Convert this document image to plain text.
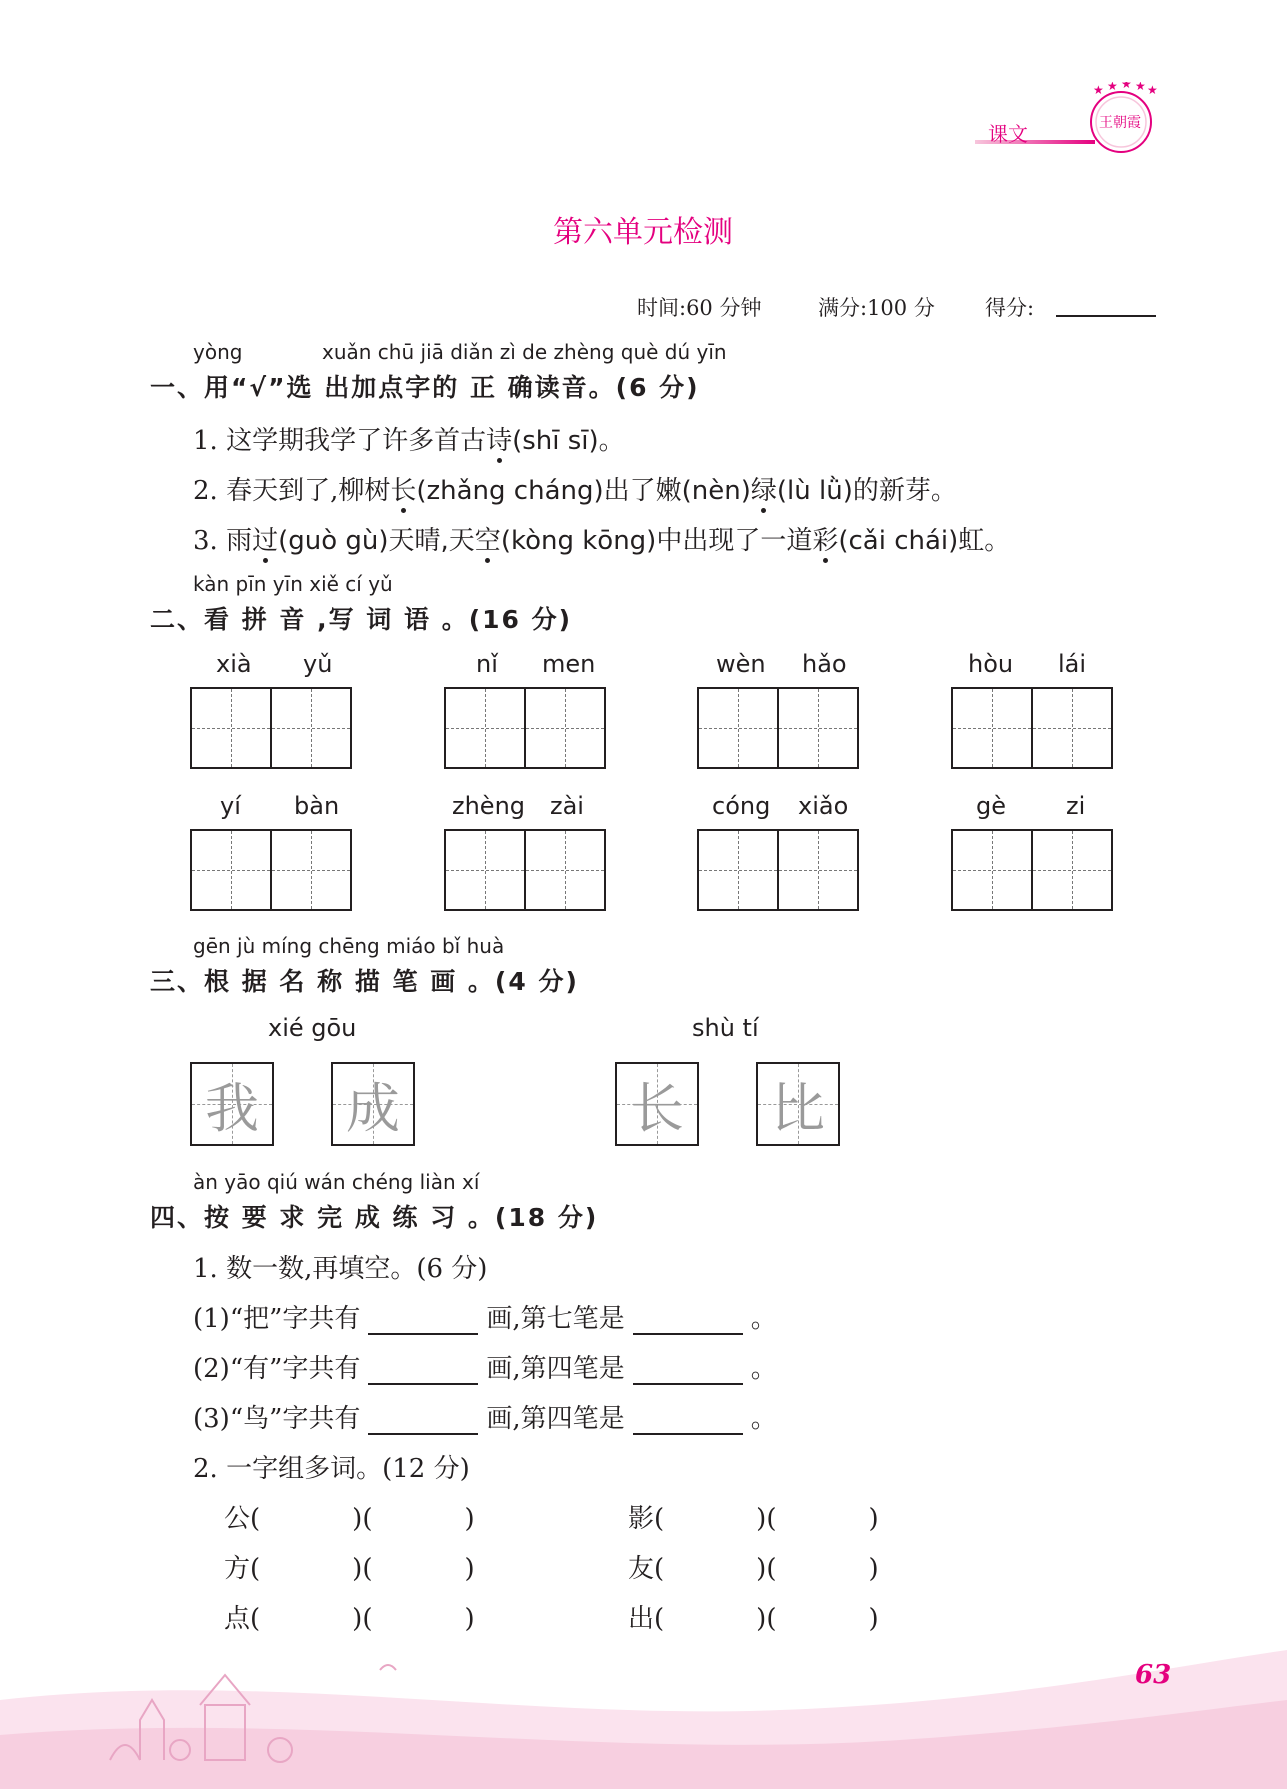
课文
★ ★ ★ ★ ★
王朝霞
第六单元检测
时间:60 分钟	满分:100 分 得分:
yòng	xuǎn chū jiā diǎn zì de zhèng què dú yīn
一、用“√”选 出加点字的 正 确读音。(6 分)
1. 这学期我学了许多首古诗(shī sī)。
2. 春天到了,柳树长(zhǎng cháng)出了嫩(nèn)绿(lù lǜ)的新芽。
3. 雨过(guò gù)天晴,天空(kòng kōng)中出现了一道彩(cǎi chái)虹。
kàn pīn yīn xiě cí yǔ
二、看 拼 音 ,写 词 语 。(16 分)
xià yǔ	nǐ men	wèn hǎo	hòu lái
yí bàn	zhèng zài	cóng xiǎo	gè	zi
gēn jù míng chēng miáo bǐ huà
三、根 据 名 称 描 笔 画 。(4 分)
xié gōu	shù tí
我 成	长 比
àn yāo qiú wán chéng liàn xí
四、按 要 求 完 成 练 习 。(18 分)
1. 数一数,再填空。(6 分)
(1)“把”字共有	画,第七笔是	。
(2)“有”字共有	画,第四笔是	。
(3)“鸟”字共有	画,第四笔是	。
2. 一字组多词。(12 分)
公(	)(	)	影(	)(	)
方(	)(	)	友(	)(	)
点(	)(	)	出(	)(	)
63
